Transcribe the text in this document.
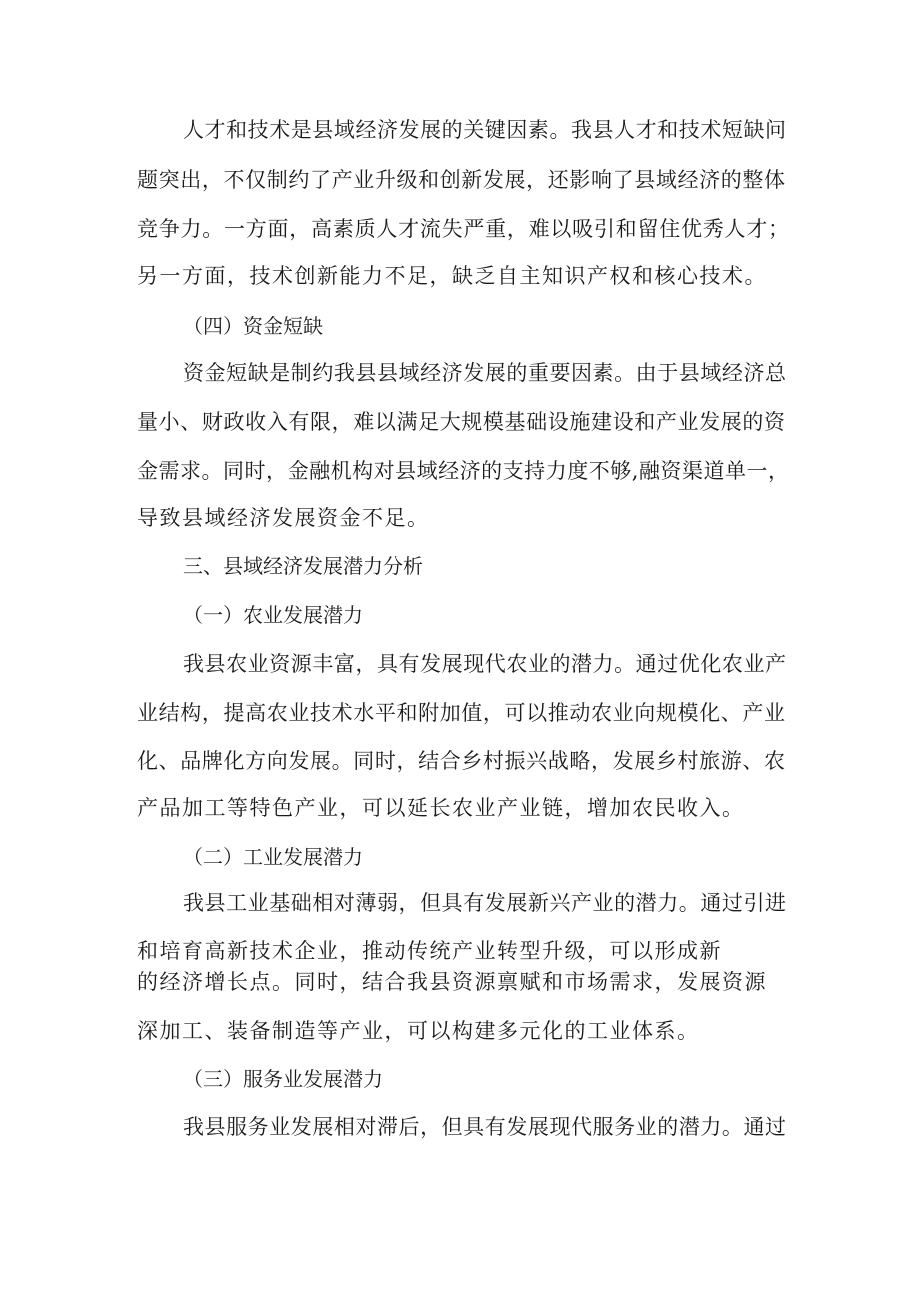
人才和技术是县域经济发展的关键因素。我县人才和技术短缺问
题突出，不仅制约了产业升级和创新发展，还影响了县域经济的整体
竞争力。一方面，高素质人才流失严重，难以吸引和留住优秀人才；
另一方面，技术创新能力不足，缺乏自主知识产权和核心技术。
（四）资金短缺
资金短缺是制约我县县域经济发展的重要因素。由于县域经济总
量小、财政收入有限，难以满足大规模基础设施建设和产业发展的资
金需求。同时，金融机构对县域经济的支持力度不够,融资渠道单一，
导致县域经济发展资金不足。
三、县域经济发展潜力分析
（一）农业发展潜力
我县农业资源丰富，具有发展现代农业的潜力。通过优化农业产
业结构，提高农业技术水平和附加值，可以推动农业向规模化、产业
化、品牌化方向发展。同时，结合乡村振兴战略，发展乡村旅游、农
产品加工等特色产业，可以延长农业产业链，增加农民收入。
（二）工业发展潜力
我县工业基础相对薄弱，但具有发展新兴产业的潜力。通过引进
和培育高新技术企业，推动传统产业转型升级，可以形成新
的经济增长点。同时，结合我县资源禀赋和市场需求，发展资源
深加工、装备制造等产业，可以构建多元化的工业体系。
（三）服务业发展潜力
我县服务业发展相对滞后，但具有发展现代服务业的潜力。通过
